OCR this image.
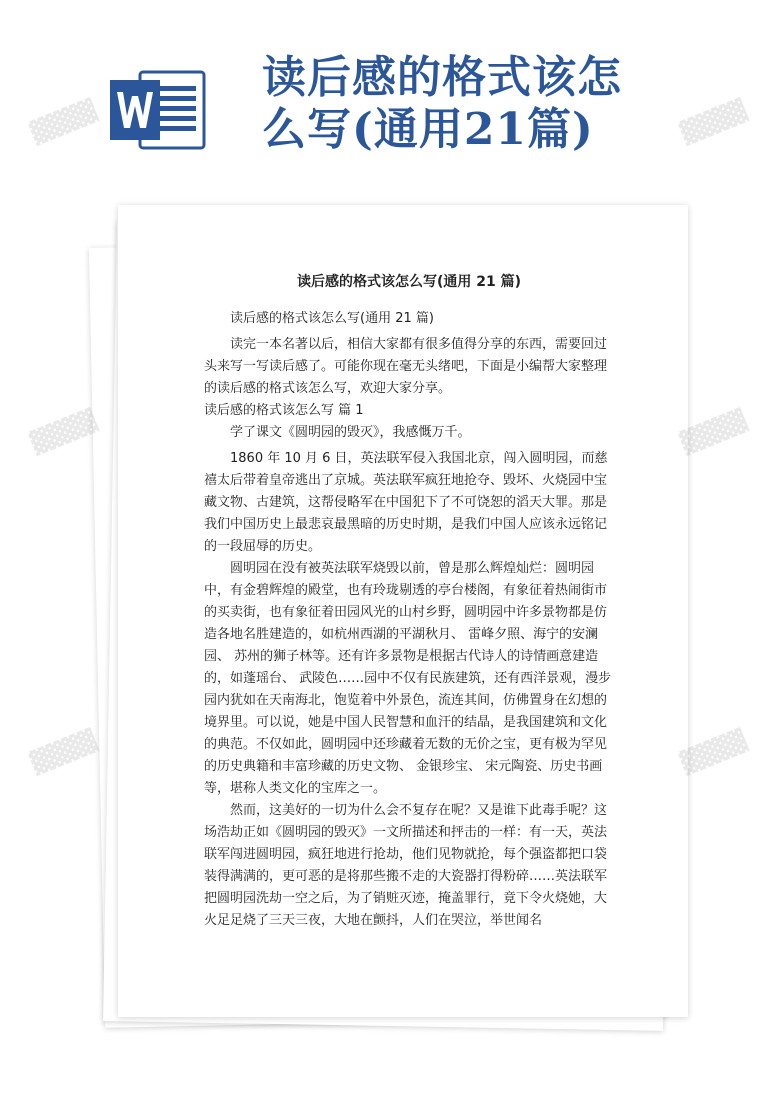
读后感的格式该怎
么写(通用21篇)
读后感的格式该怎么写(通用 21 篇)

读后感的格式该怎么写(通用 21 篇)

读完一本名著以后，相信大家都有很多值得分享的东西，需要回过头来写一写读后感了。可能你现在毫无头绪吧，下面是小编帮大家整理的读后感的格式该怎么写，欢迎大家分享。

读后感的格式该怎么写 篇 1

学了课文《圆明园的毁灭》，我感慨万千。

1860 年 10 月 6 日，英法联军侵入我国北京，闯入圆明园，而慈禧太后带着皇帝逃出了京城。英法联军疯狂地抢夺、毁坏、火烧园中宝藏文物、古建筑，这帮侵略军在中国犯下了不可饶恕的滔天大罪。那是我们中国历史上最悲哀最黑暗的历史时期，是我们中国人应该永远铭记的一段屈辱的历史。

圆明园在没有被英法联军烧毁以前，曾是那么辉煌灿烂：圆明园中，有金碧辉煌的殿堂，也有玲珑剔透的亭台楼阁，有象征着热闹街市的买卖街，也有象征着田园风光的山村乡野，圆明园中许多景物都是仿造各地名胜建造的，如杭州西湖的平湖秋月、 雷峰夕照、海宁的安澜园、 苏州的狮子林等。还有许多景物是根据古代诗人的诗情画意建造的，如蓬瑶台、 武陵色……园中不仅有民族建筑，还有西洋景观，漫步园内犹如在天南海北，饱览着中外景色，流连其间，仿佛置身在幻想的境界里。可以说，她是中国人民智慧和血汗的结晶，是我国建筑和文化的典范。不仅如此，圆明园中还珍藏着无数的无价之宝，更有极为罕见的历史典籍和丰富珍藏的历史文物、 金银珍宝、 宋元陶瓷、历史书画等，堪称人类文化的宝库之一。

然而，这美好的一切为什么会不复存在呢？又是谁下此毒手呢？这场浩劫正如《圆明园的毁灭》一文所描述和抨击的一样：有一天，英法联军闯进圆明园，疯狂地进行抢劫，他们见物就抢，每个强盗都把口袋装得满满的，更可恶的是将那些搬不走的大瓷器打得粉碎……英法联军把圆明园洗劫一空之后，为了销赃灭迹，掩盖罪行，竟下令火烧她，大火足足烧了三天三夜，大地在颤抖，人们在哭泣，举世闻名

▓▓▓▓	▓▓▓▓
▓▓▓▓	▓▓▓▓
▓▓▓▓	▓▓▓▓
